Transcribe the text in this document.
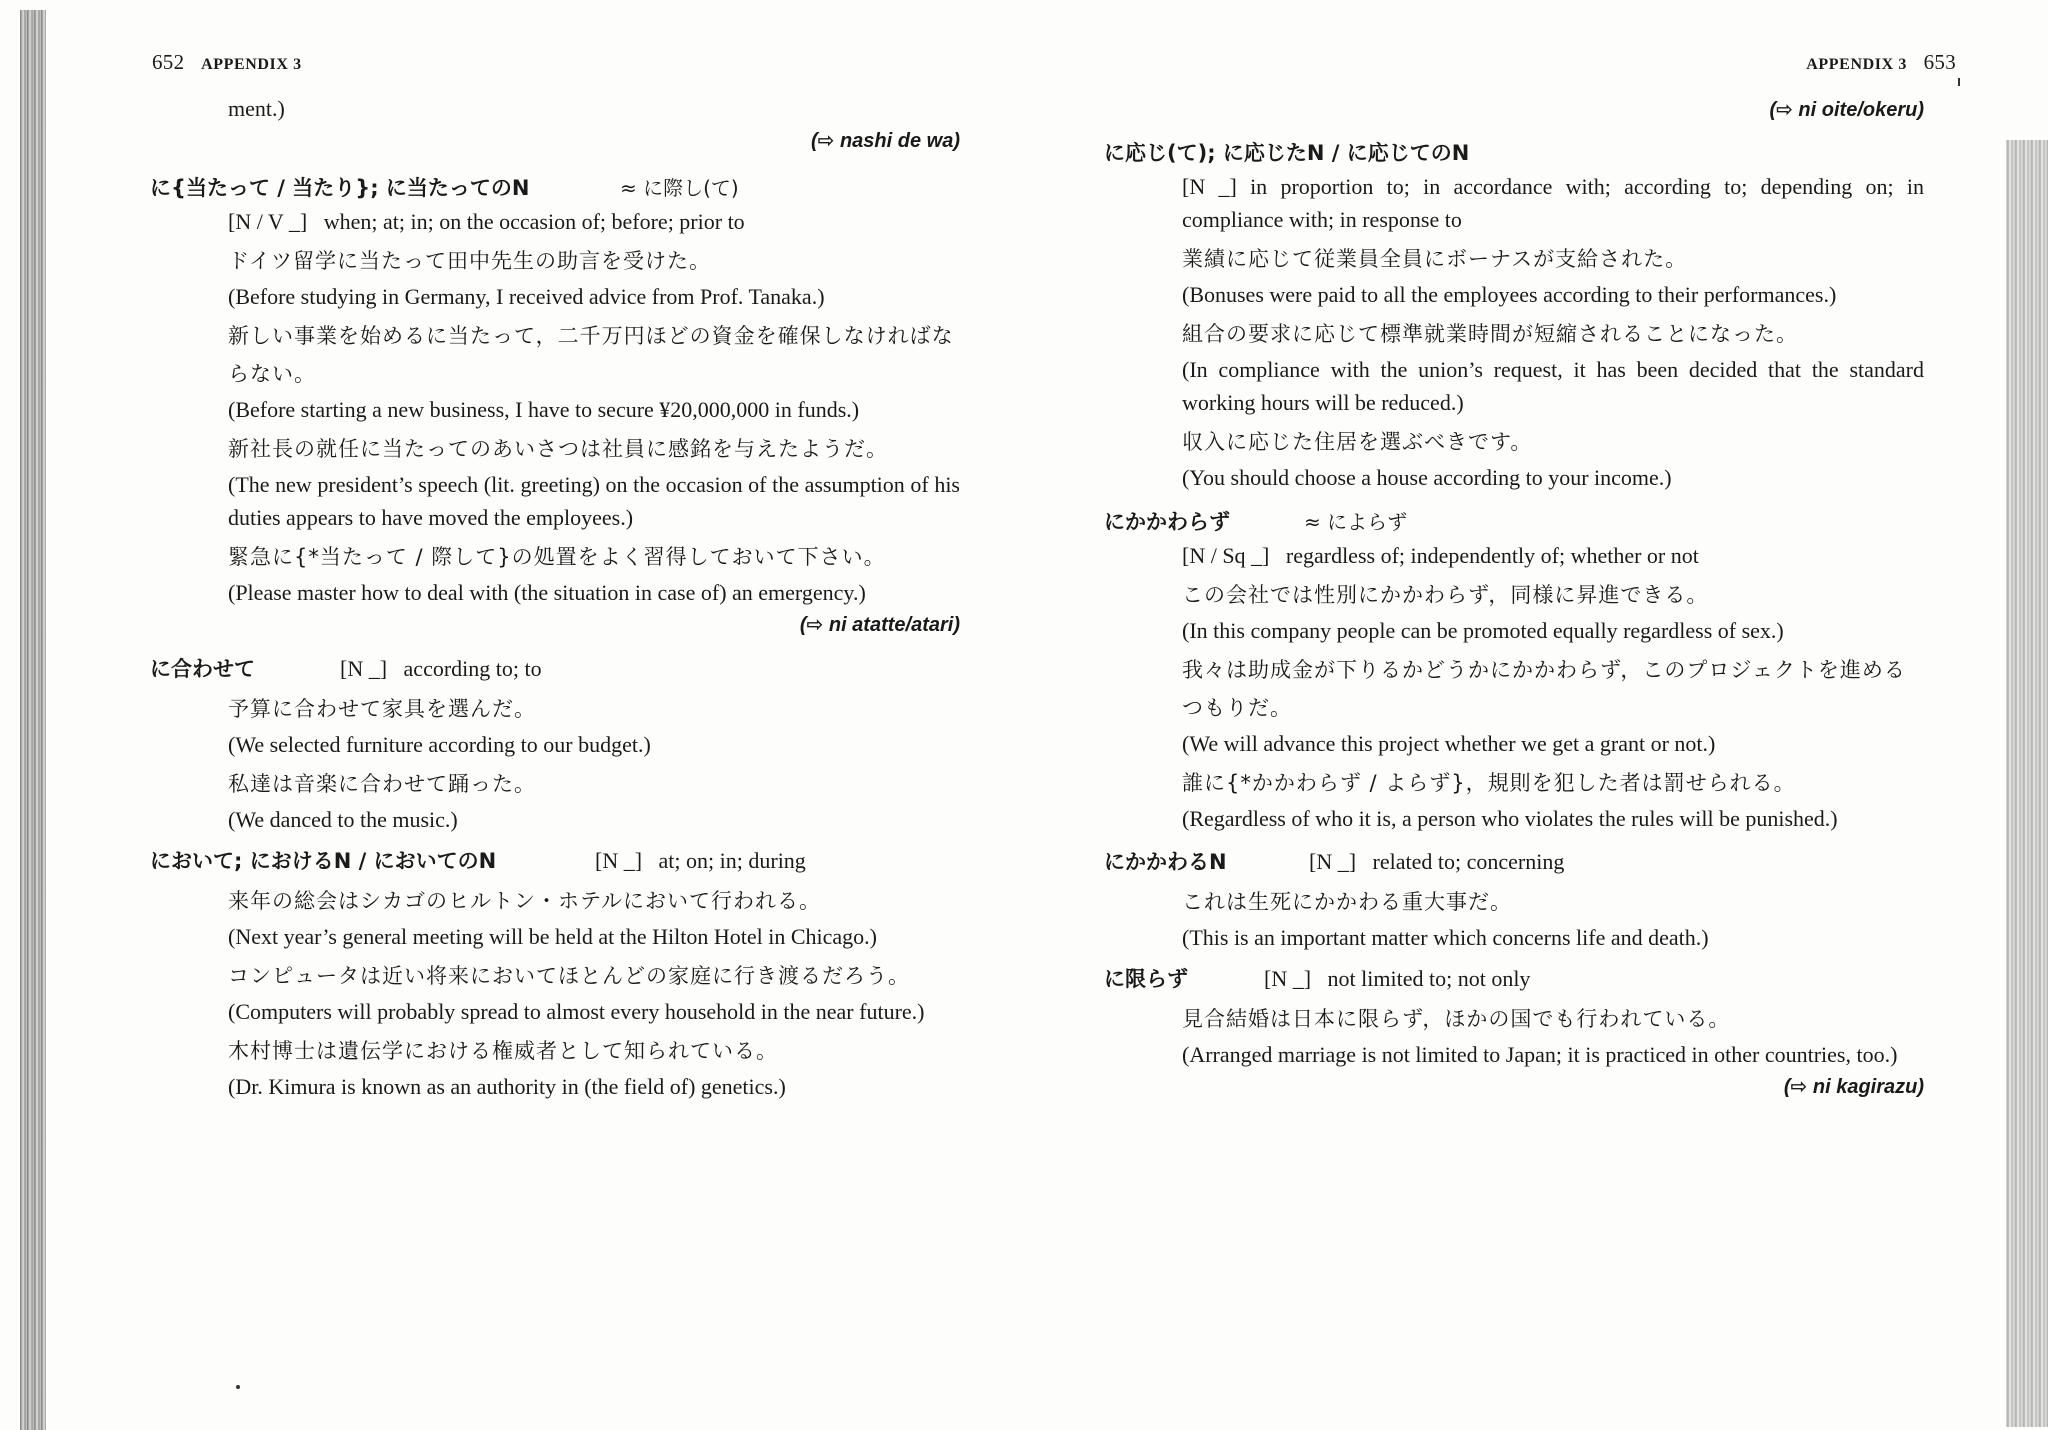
652 APPENDIX 3
ment.)
(⇨ nashi de wa)
に{当たって / 当たり}; に当たってのN	≈ に際し(て)
[N / V _]   when; at; in; on the occasion of; before; prior to
ドイツ留学に当たって田中先生の助言を受けた。
(Before studying in Germany, I received advice from Prof. Tanaka.)
新しい事業を始めるに当たって，二千万円ほどの資金を確保しなければならない。
(Before starting a new business, I have to secure ¥20,000,000 in funds.)
新社長の就任に当たってのあいさつは社員に感銘を与えたようだ。
(The new president’s speech (lit. greeting) on the occasion of the assumption of his duties appears to have moved the employees.)
緊急に{*当たって / 際して}の処置をよく習得しておいて下さい。
(Please master how to deal with (the situation in case of) an emergency.)
(⇨ ni atatte/atari)
に合わせて	[N _]   according to; to
予算に合わせて家具を選んだ。
(We selected furniture according to our budget.)
私達は音楽に合わせて踊った。
(We danced to the music.)
において; におけるN / においてのN	[N _]   at; on; in; during
来年の総会はシカゴのヒルトン・ホテルにおいて行われる。
(Next year’s general meeting will be held at the Hilton Hotel in Chicago.)
コンピュータは近い将来においてほとんどの家庭に行き渡るだろう。
(Computers will probably spread to almost every household in the near future.)
木村博士は遺伝学における権威者として知られている。
(Dr. Kimura is known as an authority in (the field of) genetics.)
APPENDIX 3 653
(⇨ ni oite/okeru)
に応じ(て); に応じたN / に応じてのN
[N _] in proportion to; in accordance with; according to; depending on; in compliance with; in response to
業績に応じて従業員全員にボーナスが支給された。
(Bonuses were paid to all the employees according to their performances.)
組合の要求に応じて標準就業時間が短縮されることになった。
(In compliance with the union’s request, it has been decided that the standard working hours will be reduced.)
収入に応じた住居を選ぶべきです。
(You should choose a house according to your income.)
にかかわらず	≈ によらず
[N / Sq _]   regardless of; independently of; whether or not
この会社では性別にかかわらず，同様に昇進できる。
(In this company people can be promoted equally regardless of sex.)
我々は助成金が下りるかどうかにかかわらず，このプロジェクトを進めるつもりだ。
(We will advance this project whether we get a grant or not.)
誰に{*かかわらず / よらず}，規則を犯した者は罰せられる。
(Regardless of who it is, a person who violates the rules will be punished.)
にかかわるN	[N _]   related to; concerning
これは生死にかかわる重大事だ。
(This is an important matter which concerns life and death.)
に限らず	[N _]   not limited to; not only
見合結婚は日本に限らず，ほかの国でも行われている。
(Arranged marriage is not limited to Japan; it is practiced in other countries, too.)
(⇨ ni kagirazu)
